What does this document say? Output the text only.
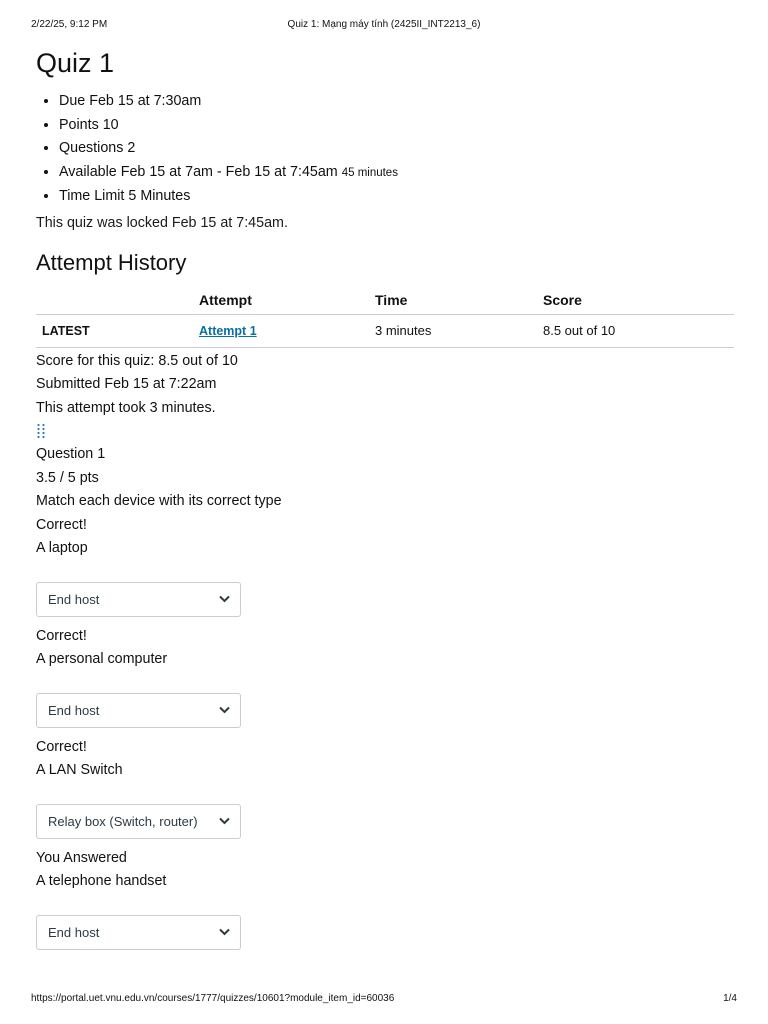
2/22/25, 9:12 PM	Quiz 1: Mạng máy tính (2425II_INT2213_6)
Quiz 1
• Due Feb 15 at 7:30am
• Points 10
• Questions 2
• Available Feb 15 at 7am - Feb 15 at 7:45am 45 minutes
• Time Limit 5 Minutes
This quiz was locked Feb 15 at 7:45am.
Attempt History
	Attempt	Time	Score
LATEST	Attempt 1	3 minutes	8.5 out of 10
Score for this quiz: 8.5 out of 10
Submitted Feb 15 at 7:22am
This attempt took 3 minutes.
Question 1
3.5 / 5 pts
Match each device with its correct type
Correct!
A laptop
End host
Correct!
A personal computer
End host
Correct!
A LAN Switch
Relay box (Switch, router)
You Answered
A telephone handset
End host
https://portal.uet.vnu.edu.vn/courses/1777/quizzes/10601?module_item_id=60036	1/4
